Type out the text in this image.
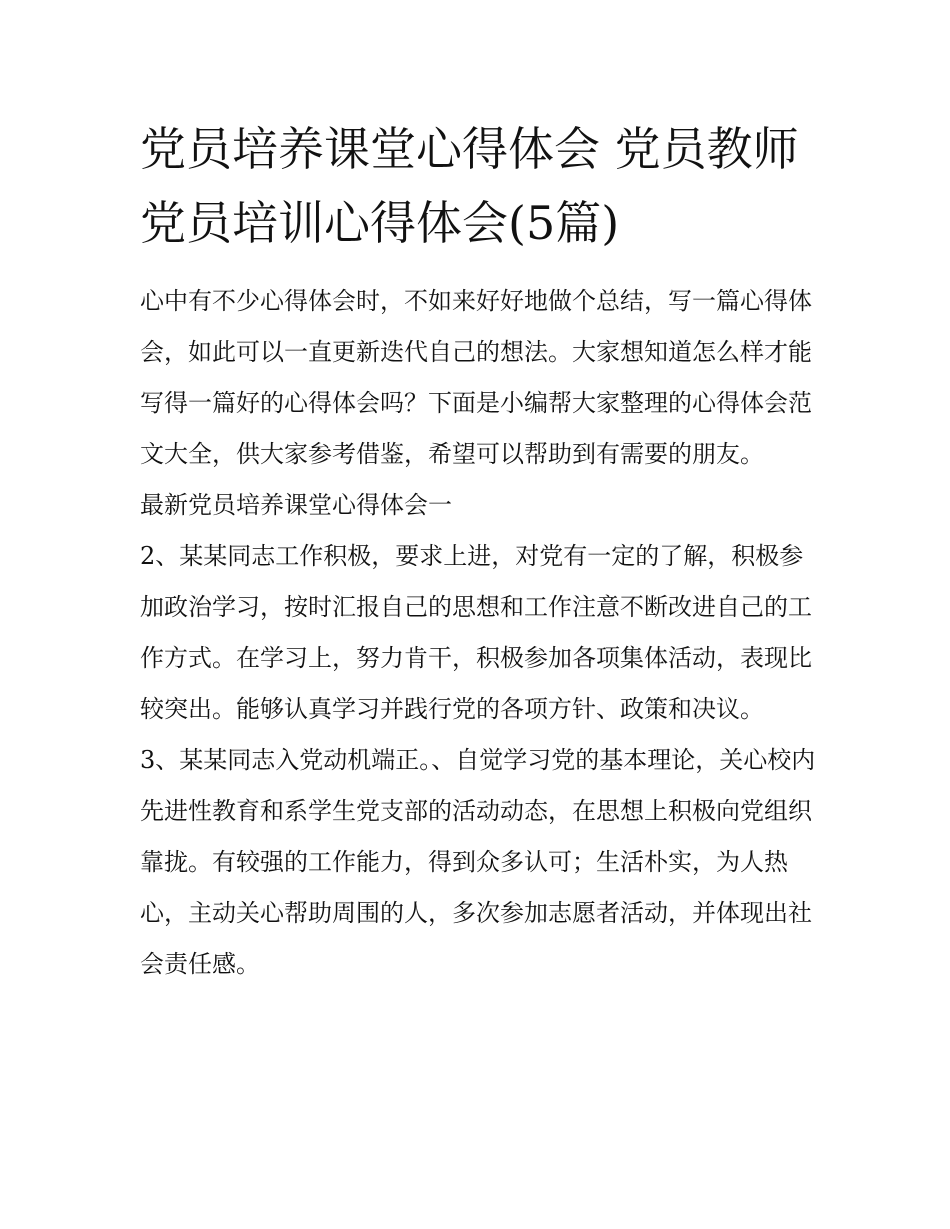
党员培养课堂心得体会 党员教师党员培训心得体会(5篇)

心中有不少心得体会时，不如来好好地做个总结，写一篇心得体会，如此可以一直更新迭代自己的想法。大家想知道怎么样才能写得一篇好的心得体会吗？下面是小编帮大家整理的心得体会范文大全，供大家参考借鉴，希望可以帮助到有需要的朋友。

最新党员培养课堂心得体会一

2、某某同志工作积极，要求上进，对党有一定的了解，积极参加政治学习，按时汇报自己的思想和工作注意不断改进自己的工作方式。在学习上，努力肯干，积极参加各项集体活动，表现比较突出。能够认真学习并践行党的各项方针、政策和决议。

3、某某同志入党动机端正。、自觉学习党的基本理论，关心校内先进性教育和系学生党支部的活动动态，在思想上积极向党组织靠拢。有较强的工作能力，得到众多认可；生活朴实，为人热心，主动关心帮助周围的人，多次参加志愿者活动，并体现出社会责任感。
